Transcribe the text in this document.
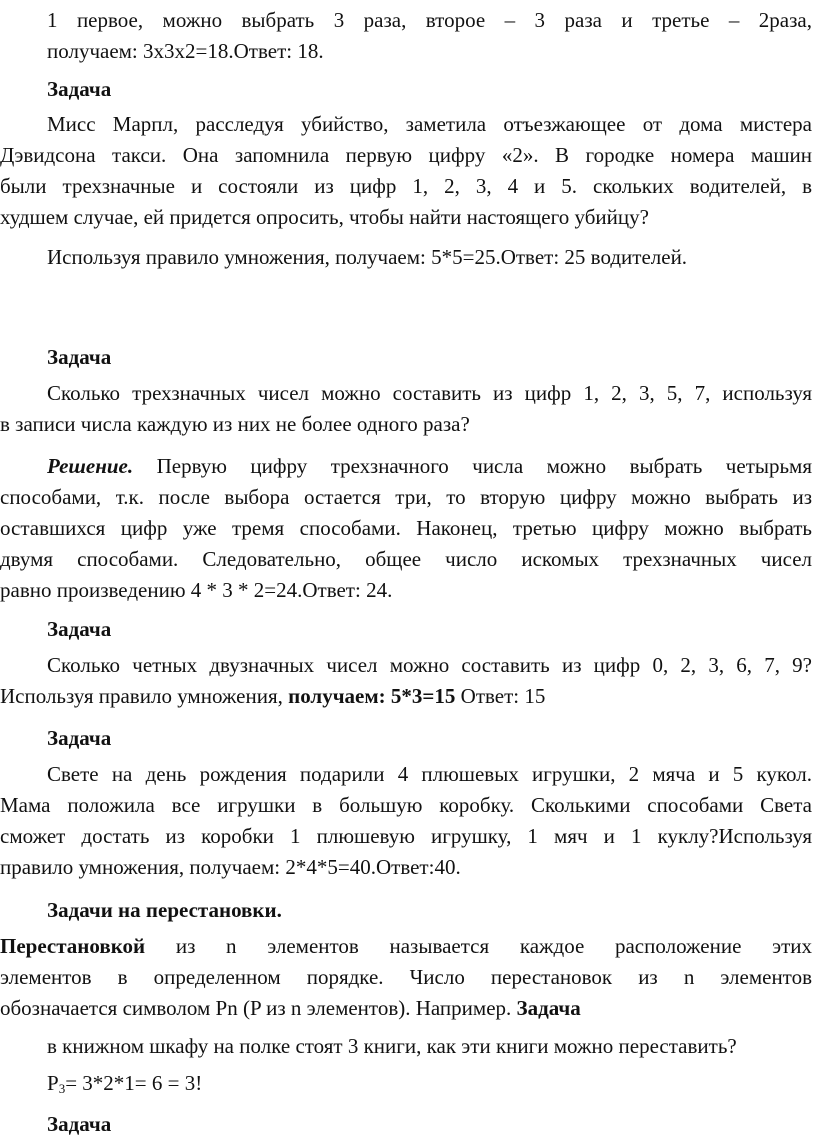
1 первое, можно выбрать 3 раза, второе – 3 раза и третье – 2раза,
получаем: 3х3х2=18.Ответ: 18.
Задача
Мисс Марпл, расследуя убийство, заметила отъезжающее от дома мистера
Дэвидсона такси. Она запомнила первую цифру «2». В городке номера машин
были трехзначные и состояли из цифр 1, 2, 3, 4 и 5. скольких водителей, в
худшем случае, ей придется опросить, чтобы найти настоящего убийцу?
Используя правило умножения, получаем: 5*5=25.Ответ: 25 водителей.
Задача
Сколько трехзначных чисел можно составить из цифр 1, 2, 3, 5, 7, используя
в записи числа каждую из них не более одного раза?
Решение. Первую цифру трехзначного числа можно выбрать четырьмя
способами, т.к. после выбора остается три, то вторую цифру можно выбрать из
оставшихся цифр уже тремя способами. Наконец, третью цифру можно выбрать
двумя способами. Следовательно, общее число искомых трехзначных чисел
равно произведению 4 * 3 * 2=24.Ответ: 24.
Задача
Сколько четных двузначных чисел можно составить из цифр 0, 2, 3, 6, 7, 9?
Используя правило умножения, получаем: 5*3=15 Ответ: 15
Задача
Свете на день рождения подарили 4 плюшевых игрушки, 2 мяча и 5 кукол.
Мама положила все игрушки в большую коробку. Сколькими способами Света
сможет достать из коробки 1 плюшевую игрушку, 1 мяч и 1 куклу?Используя
правило умножения, получаем: 2*4*5=40.Ответ:40.
Задачи на перестановки.
Перестановкой из n элементов называется каждое расположение этих
элементов в определенном порядке. Число перестановок из n элементов
обозначается символом Pn (P из n элементов). Например. Задача
в книжном шкафу на полке стоят 3 книги, как эти книги можно переставить?
$P_3= 3*2*1= 6 = 3$!
Задача
